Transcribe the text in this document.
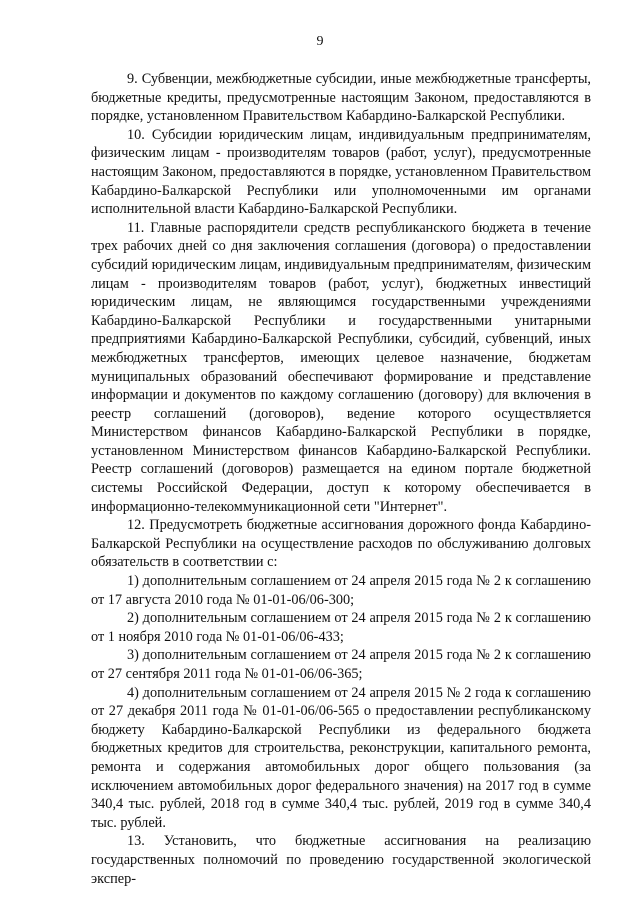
9

9. Субвенции, межбюджетные субсидии, иные межбюджетные трансферты, бюджетные кредиты, предусмотренные настоящим Законом, предоставляются в порядке, установленном Правительством Кабардино-Балкарской Республики.

10. Субсидии юридическим лицам, индивидуальным предпринимателям, физическим лицам - производителям товаров (работ, услуг), предусмотренные настоящим Законом, предоставляются в порядке, установленном Правительством Кабардино-Балкарской Республики или уполномоченными им органами исполнительной власти Кабардино-Балкарской Республики.

11. Главные распорядители средств республиканского бюджета в течение трех рабочих дней со дня заключения соглашения (договора) о предоставлении субсидий юридическим лицам, индивидуальным предпринимателям, физическим лицам - производителям товаров (работ, услуг), бюджетных инвестиций юридическим лицам, не являющимся государственными учреждениями Кабардино-Балкарской Республики и государственными унитарными предприятиями Кабардино-Балкарской Республики, субсидий, субвенций, иных межбюджетных трансфертов, имеющих целевое назначение, бюджетам муниципальных образований обеспечивают формирование и представление информации и документов по каждому соглашению (договору) для включения в реестр соглашений (договоров), ведение которого осуществляется Министерством финансов Кабардино-Балкарской Республики в порядке, установленном Министерством финансов Кабардино-Балкарской Республики. Реестр соглашений (договоров) размещается на едином портале бюджетной системы Российской Федерации, доступ к которому обеспечивается в информационно-телекоммуникационной сети "Интернет".

12. Предусмотреть бюджетные ассигнования дорожного фонда Кабардино-Балкарской Республики на осуществление расходов по обслуживанию долговых обязательств в соответствии с:

1) дополнительным соглашением от 24 апреля 2015 года № 2 к соглашению от 17 августа 2010 года № 01-01-06/06-300;

2) дополнительным соглашением от 24 апреля 2015 года № 2 к соглашению от 1 ноября 2010 года № 01-01-06/06-433;

3) дополнительным соглашением от 24 апреля 2015 года № 2 к соглашению от 27 сентября 2011 года № 01-01-06/06-365;

4) дополнительным соглашением от 24 апреля 2015 № 2 года к соглашению от 27 декабря 2011 года № 01-01-06/06-565 о предоставлении республиканскому бюджету Кабардино-Балкарской Республики из федерального бюджета бюджетных кредитов для строительства, реконструкции, капитального ремонта, ремонта и содержания автомобильных дорог общего пользования (за исключением автомобильных дорог федерального значения) на 2017 год в сумме 340,4 тыс. рублей, 2018 год в сумме 340,4 тыс. рублей, 2019 год в сумме 340,4 тыс. рублей.

13. Установить, что бюджетные ассигнования на реализацию государственных полномочий по проведению государственной экологической экспер-
